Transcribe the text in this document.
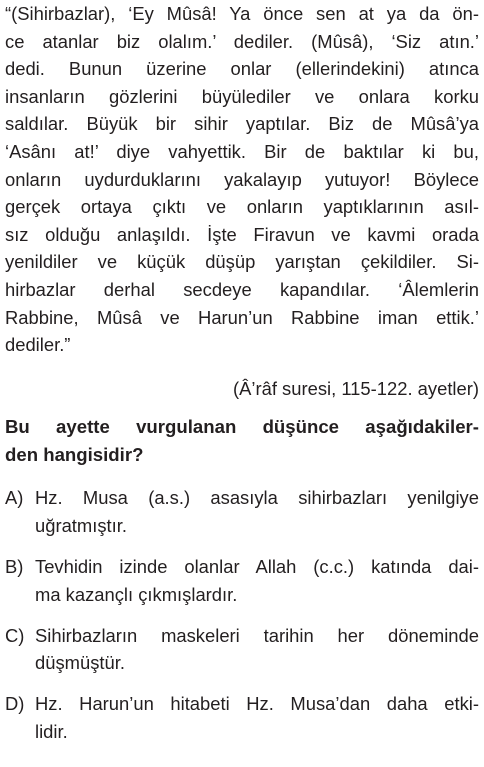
“(Sihirbazlar), ‘Ey Mûsâ! Ya önce sen at ya da ön-
ce atanlar biz olalım.’ dediler. (Mûsâ), ‘Siz atın.’
dedi. Bunun üzerine onlar (ellerindekini) atınca
insanların gözlerini büyülediler ve onlara korku
saldılar. Büyük bir sihir yaptılar. Biz de Mûsâ’ya
‘Asânı at!’ diye vahyettik. Bir de baktılar ki bu,
onların uydurduklarını yakalayıp yutuyor! Böylece
gerçek ortaya çıktı ve onların yaptıklarının asıl-
sız olduğu anlaşıldı. İşte Firavun ve kavmi orada
yenildiler ve küçük düşüp yarıştan çekildiler. Si-
hirbazlar derhal secdeye kapandılar. ‘Âlemlerin
Rabbine, Mûsâ ve Harun’un Rabbine iman ettik.’
dediler.”
(Â’râf suresi, 115-122. ayetler)
Bu ayette vurgulanan düşünce aşağıdakiler-
den hangisidir?
A) Hz. Musa (a.s.) asasıyla sihirbazları yenilgiye
uğratmıştır.
B) Tevhidin izinde olanlar Allah (c.c.) katında dai-
ma kazançlı çıkmışlardır.
C) Sihirbazların maskeleri tarihin her döneminde
düşmüştür.
D) Hz. Harun’un hitabeti Hz. Musa’dan daha etki-
lidir.
